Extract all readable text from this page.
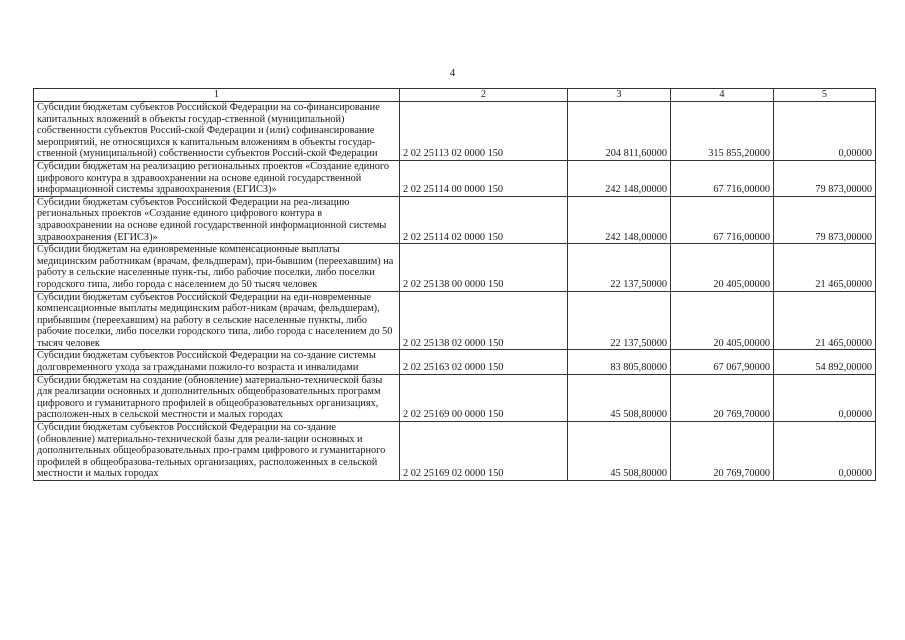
4
1	2	3	4	5
Субсидии бюджетам субъектов Российской Федерации на со-финансирование капитальных вложений в объекты государ-ственной (муниципальной) собственности субъектов Россий-ской Федерации и (или) софинансирование мероприятий, не относящихся к капитальным вложениям в объекты государ-ственной (муниципальной) собственности субъектов Россий-ской Федерации	2 02 25113 02 0000 150	204 811,60000	315 855,20000	0,00000
Субсидии бюджетам на реализацию региональных проектов «Создание единого цифрового контура в здравоохранении на основе единой государственной информационной системы здравоохранения (ЕГИСЗ)»	2 02 25114 00 0000 150	242 148,00000	67 716,00000	79 873,00000
Субсидии бюджетам субъектов Российской Федерации на реа-лизацию региональных проектов «Создание единого цифрового контура в здравоохранении на основе единой государственной информационной системы здравоохранения (ЕГИСЗ)»	2 02 25114 02 0000 150	242 148,00000	67 716,00000	79 873,00000
Субсидии бюджетам на единовременные компенсационные выплаты медицинским работникам (врачам, фельдшерам), при-бывшим (переехавшим) на работу в сельские населенные пунк-ты, либо рабочие поселки, либо поселки городского типа, либо города с населением до 50 тысяч человек	2 02 25138 00 0000 150	22 137,50000	20 405,00000	21 465,00000
Субсидии бюджетам субъектов Российской Федерации на еди-новременные компенсационные выплаты медицинским работ-никам (врачам, фельдшерам), прибывшим (переехавшим) на работу в сельские населенные пункты, либо рабочие поселки, либо поселки городского типа, либо города с населением до 50 тысяч человек	2 02 25138 02 0000 150	22 137,50000	20 405,00000	21 465,00000
Субсидии бюджетам субъектов Российской Федерации на со-здание системы долговременного ухода за гражданами пожило-го возраста и инвалидами	2 02 25163 02 0000 150	83 805,80000	67 067,90000	54 892,00000
Субсидии бюджетам на создание (обновление) материально-технической базы для реализации основных и дополнительных общеобразовательных программ цифрового и гуманитарного профилей в общеобразовательных организациях, расположен-ных в сельской местности и малых городах	2 02 25169 00 0000 150	45 508,80000	20 769,70000	0,00000
Субсидии бюджетам субъектов Российской Федерации на со-здание (обновление) материально-технической базы для реали-зации основных и дополнительных общеобразовательных про-грамм цифрового и гуманитарного профилей в общеобразова-тельных организациях, расположенных в сельской местности и малых городах	2 02 25169 02 0000 150	45 508,80000	20 769,70000	0,00000
